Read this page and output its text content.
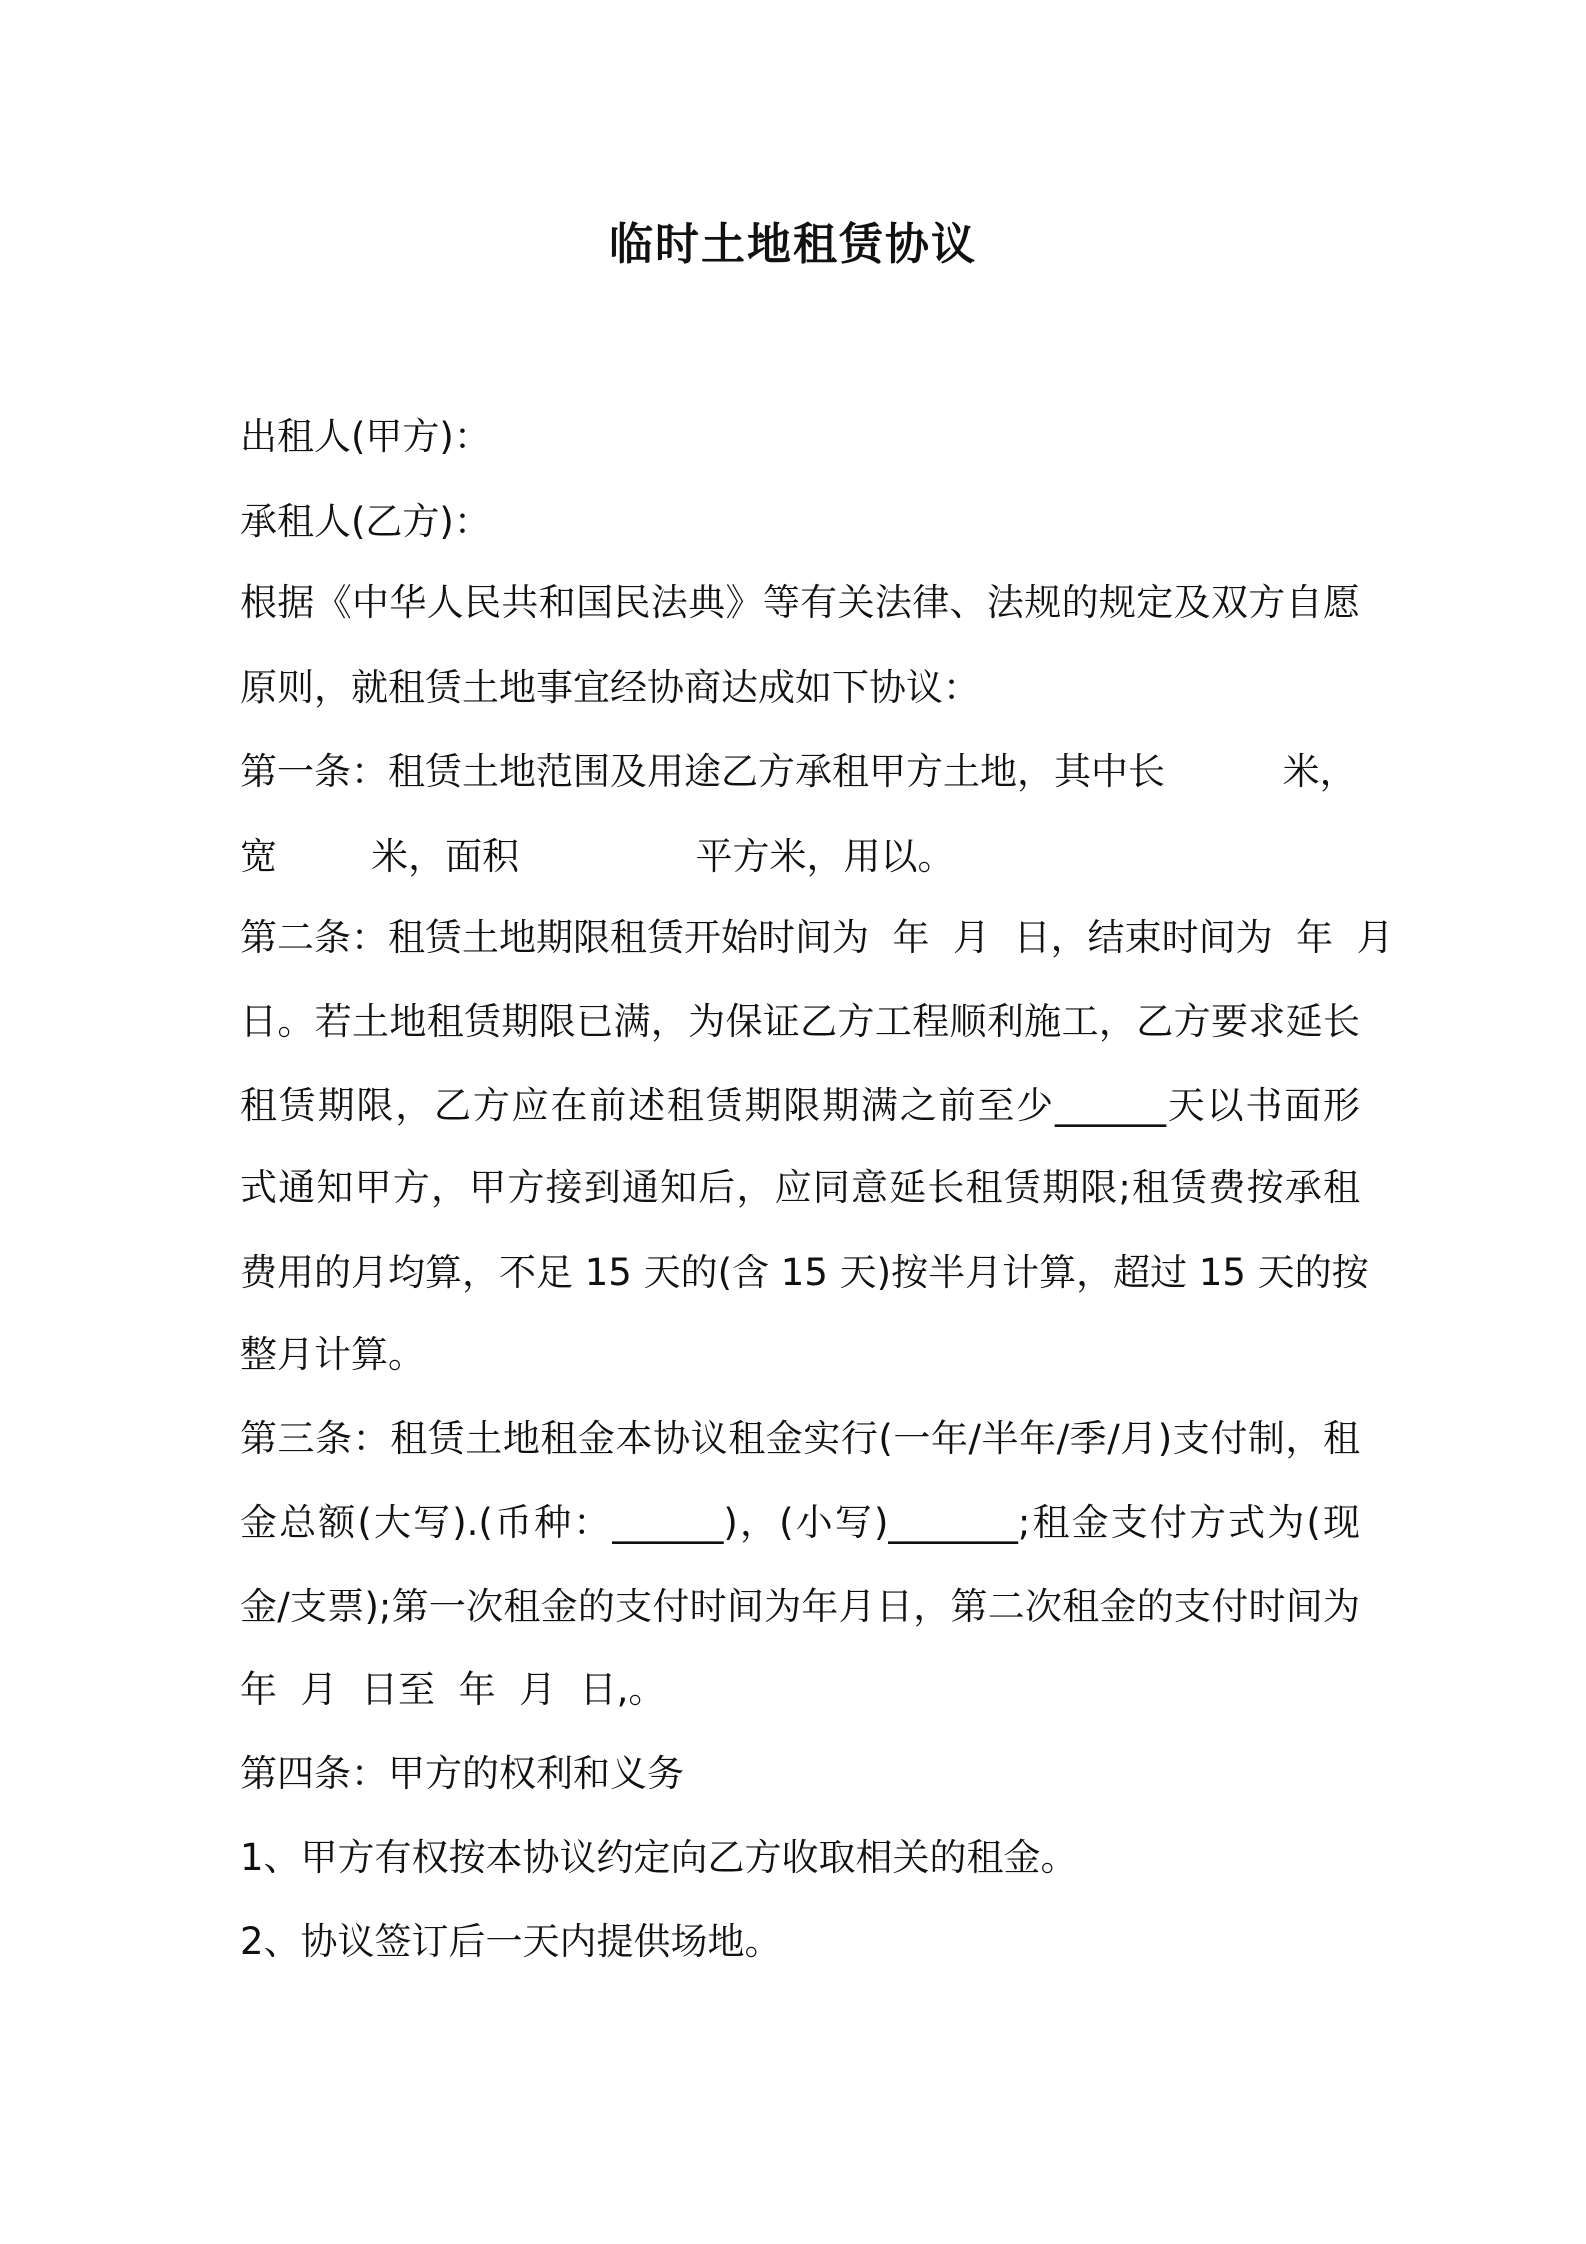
临时土地租赁协议
出租人(甲方)：
承租人(乙方)：
根据《中华人民共和国民法典》等有关法律、法规的规定及双方自愿
原则，就租赁土地事宜经协商达成如下协议：
第一条：租赁土地范围及用途乙方承租甲方土地，其中长          米，
宽        米，面积               平方米，用以。
第二条：租赁土地期限租赁开始时间为  年  月  日，结束时间为  年  月
日。若土地租赁期限已满，为保证乙方工程顺利施工，乙方要求延长
租赁期限，乙方应在前述租赁期限期满之前至少______天以书面形
式通知甲方，甲方接到通知后，应同意延长租赁期限;租赁费按承租
费用的月均算，不足 15 天的(含 15 天)按半月计算，超过 15 天的按
整月计算。
第三条：租赁土地租金本协议租金实行(一年/半年/季/月)支付制，租
金总额(大写).(币种：______)，(小写)_______;租金支付方式为(现
金/支票);第一次租金的支付时间为年月日，第二次租金的支付时间为
年  月  日至  年  月  日,。
第四条：甲方的权利和义务
1、甲方有权按本协议约定向乙方收取相关的租金。
2、协议签订后一天内提供场地。
